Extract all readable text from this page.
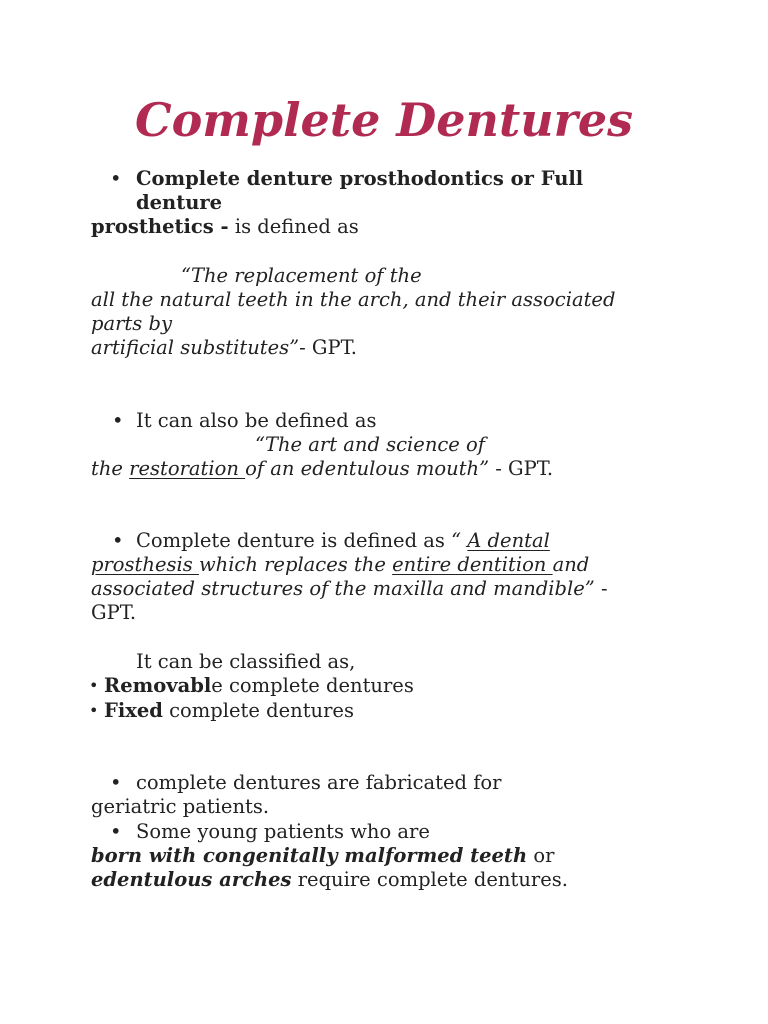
Complete Dentures
• Complete denture prosthodontics or Full
denture
prosthetics - is defined as
“The replacement of the
all the natural teeth in the arch, and their associated
parts by
artificial substitutes”- GPT.
• It can also be defined as
“The art and science of
the restoration of an edentulous mouth” - GPT.
• Complete denture is defined as “ A dental
prosthesis which replaces the entire dentition and
associated structures of the maxilla and mandible” -
GPT.
It can be classified as,
• Removable complete dentures
• Fixed complete dentures
• complete dentures are fabricated for
geriatric patients.
• Some young patients who are
born with congenitally malformed teeth or
edentulous arches require complete dentures.
